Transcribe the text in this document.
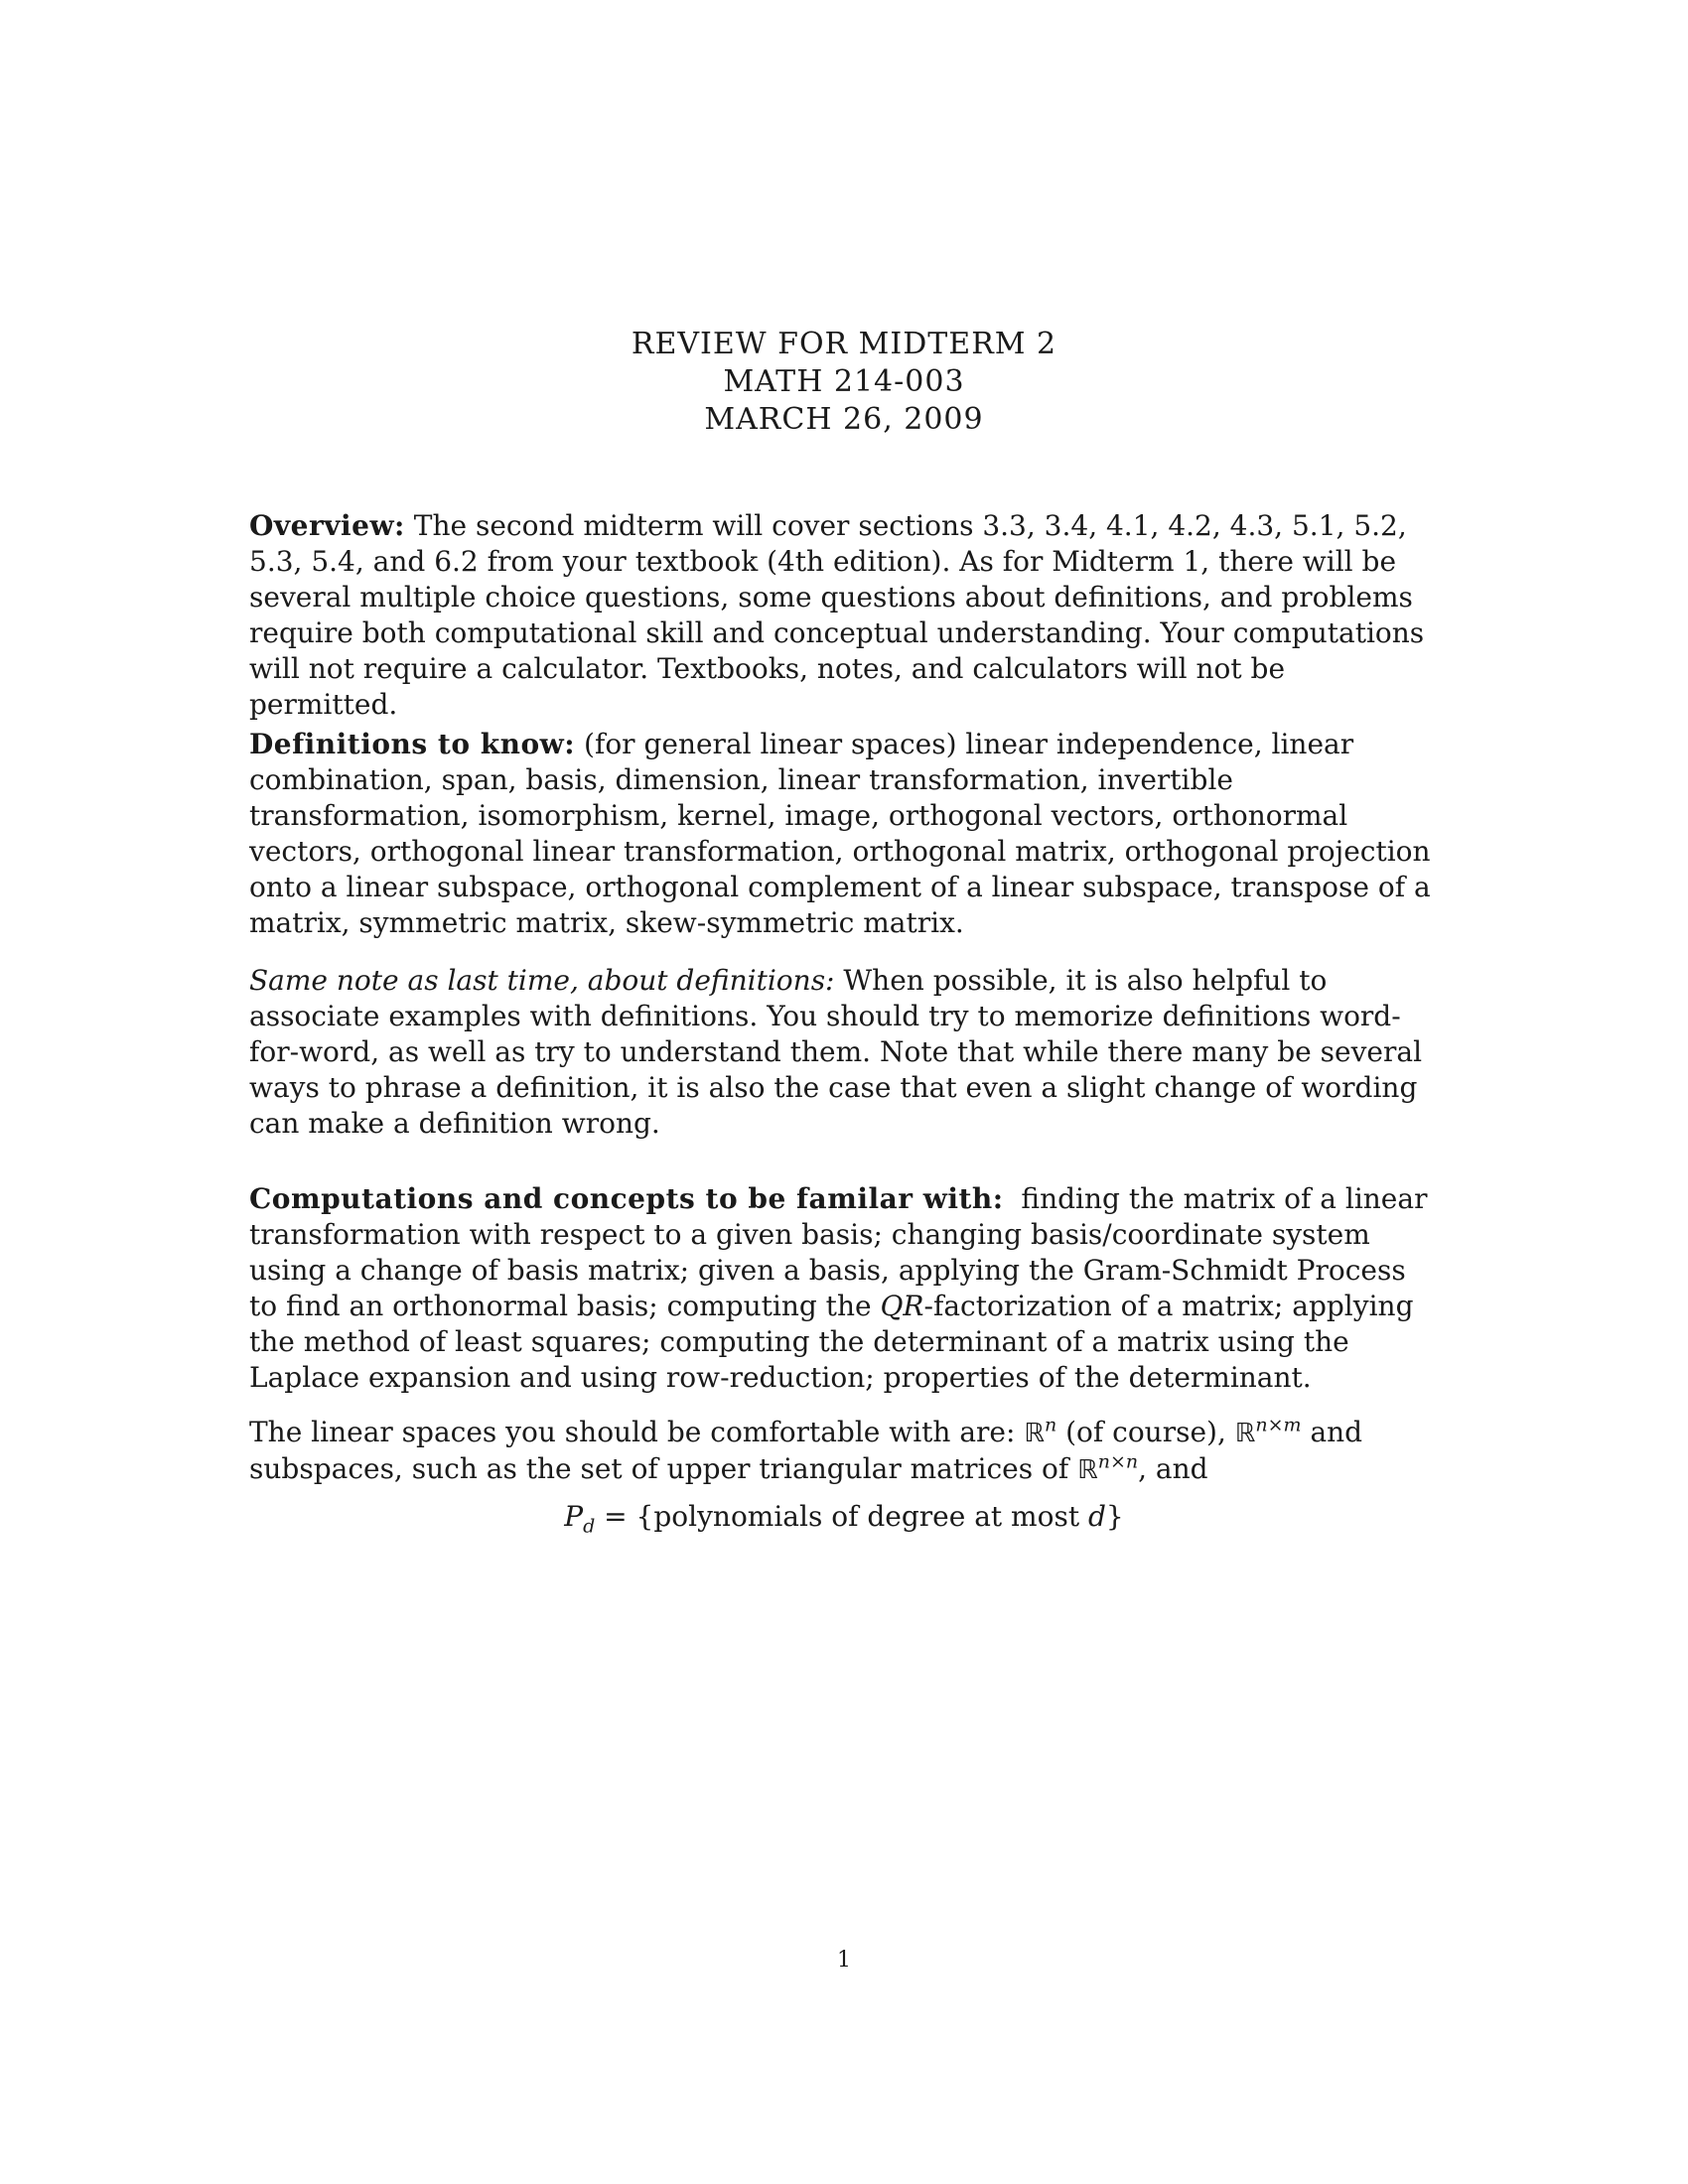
REVIEW FOR MIDTERM 2
MATH 214-003
MARCH 26, 2009

Overview: The second midterm will cover sections 3.3, 3.4, 4.1, 4.2, 4.3, 5.1, 5.2, 5.3, 5.4, and 6.2 from your textbook (4th edition). As for Midterm 1, there will be several multiple choice questions, some questions about definitions, and problems require both computational skill and conceptual understanding. Your computations will not require a calculator. Textbooks, notes, and calculators will not be permitted.

Definitions to know: (for general linear spaces) linear independence, linear combination, span, basis, dimension, linear transformation, invertible transformation, isomorphism, kernel, image, orthogonal vectors, orthonormal vectors, orthogonal linear transformation, orthogonal matrix, orthogonal projection onto a linear subspace, orthogonal complement of a linear subspace, transpose of a matrix, symmetric matrix, skew-symmetric matrix.

Same note as last time, about definitions: When possible, it is also helpful to associate examples with definitions. You should try to memorize definitions word-for-word, as well as try to understand them. Note that while there many be several ways to phrase a definition, it is also the case that even a slight change of wording can make a definition wrong.

Computations and concepts to be familar with: finding the matrix of a linear transformation with respect to a given basis; changing basis/coordinate system using a change of basis matrix; given a basis, applying the Gram-Schmidt Process to find an orthonormal basis; computing the QR-factorization of a matrix; applying the method of least squares; computing the determinant of a matrix using the Laplace expansion and using row-reduction; properties of the determinant.

The linear spaces you should be comfortable with are: ℝ$^n$ (of course), ℝ$^{n\times m}$ and subspaces, such as the set of upper triangular matrices of ℝ$^{n\times n}$, and

$P_d$ = {polynomials of degree at most d}
1
